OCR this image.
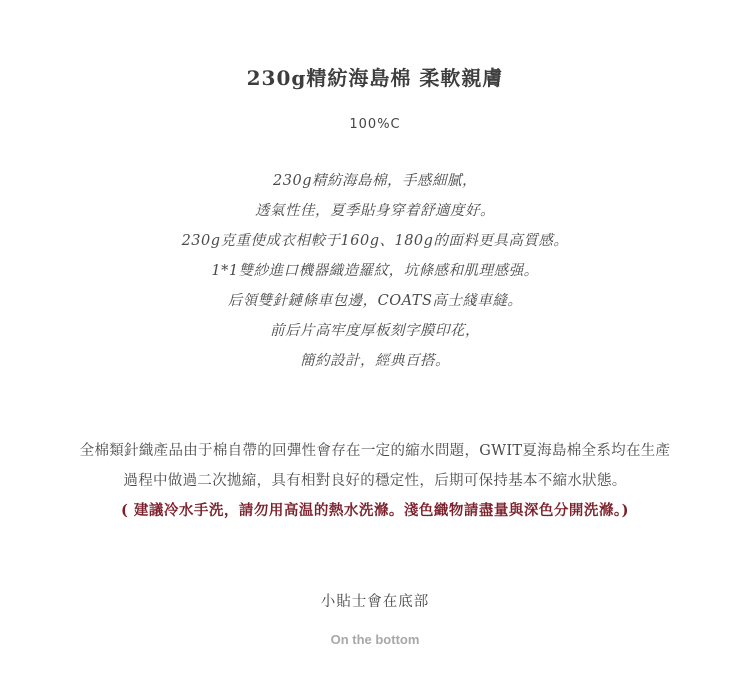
230g精紡海島棉 柔軟親膚
100%C
230g精紡海島棉，手感細膩，
透氣性佳，夏季貼身穿着舒適度好。
230g克重使成衣相較于160g、180g的面料更具高質感。
1*1雙紗進口機器織造羅紋，坑條感和肌理感强。
后領雙針鏈條車包邊，COATS高士綫車縫。
前后片高牢度厚板刻字膜印花，
簡約設計，經典百搭。
全棉類針織產品由于棉自帶的回彈性會存在一定的縮水問題，GWIT夏海島棉全系均在生產
過程中做過二次拋縮，具有相對良好的穩定性，后期可保持基本不縮水狀態。
( 建議冷水手洗，請勿用高温的熱水洗滌。淺色織物請盡量與深色分開洗滌。)
小貼士會在底部
On the bottom
